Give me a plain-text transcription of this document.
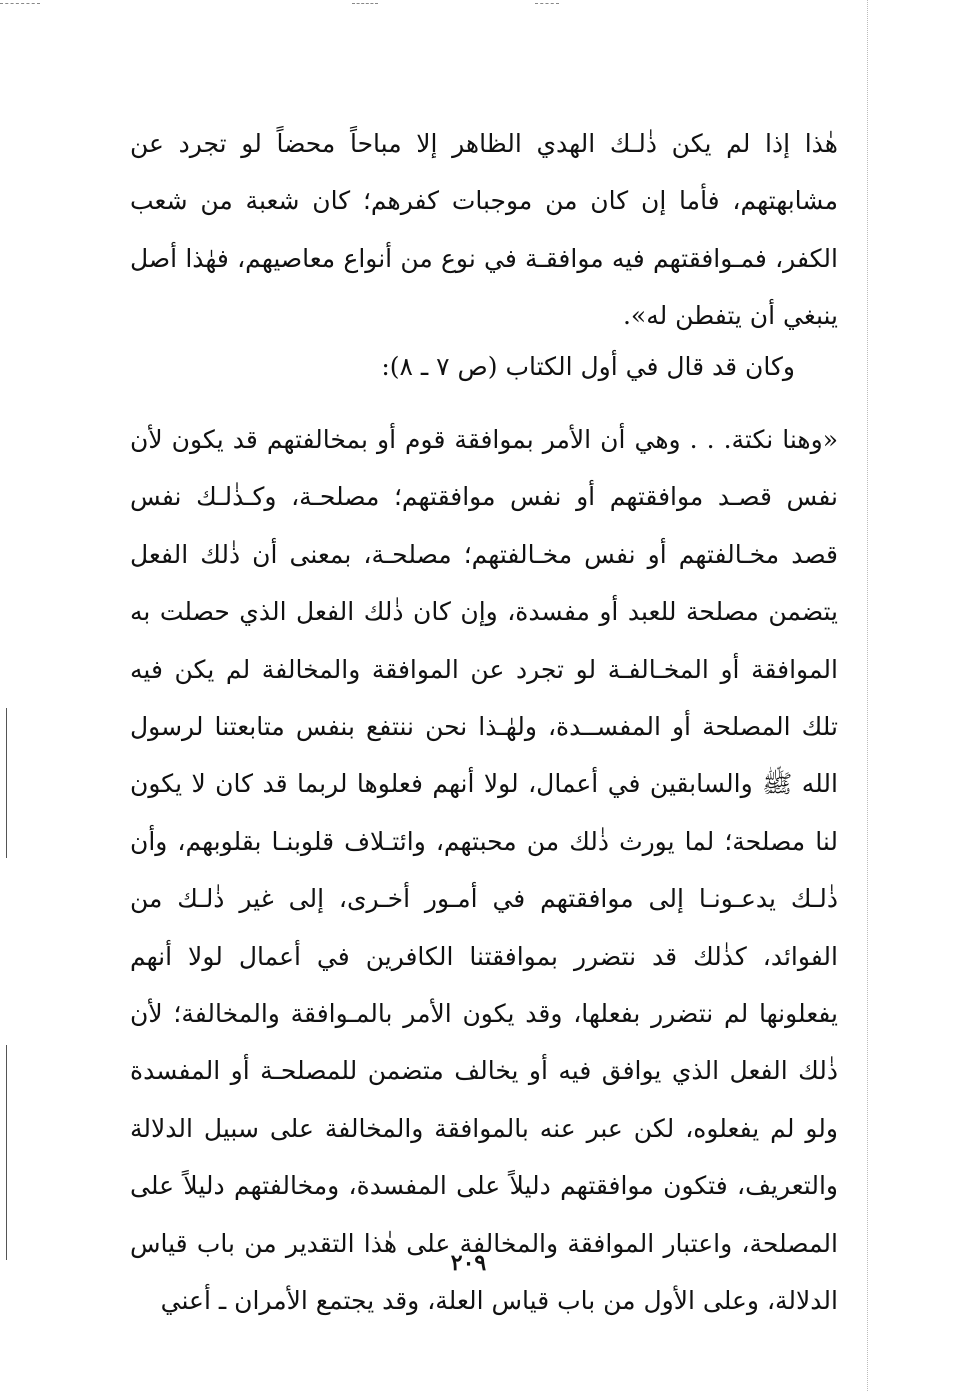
هٰذا إذا لم يكن ذٰلـك الهدي الظاهر إلا مباحاً محضاً لو تجرد عن مشابهتهم، فأما إن كان من موجبات كفرهم؛ كان شعبة من شعب الكفر، فمـوافقتهم فيه موافقـة في نوع من أنواع معاصيهم، فهٰذا أصل ينبغي أن يتفطن له».

وكان قد قال في أول الكتاب (ص ٧ ـ ٨):

«وهنا نكتة. . . وهي أن الأمر بموافقة قوم أو بمخالفتهم قد يكون لأن نفس قصـد موافقتهم أو نفس موافقتهم؛ مصلحـة، وكـذٰلـك نفس قصد مخـالفتهم أو نفس مخـالفتهم؛ مصلحـة، بمعنى أن ذٰلك الفعل يتضمن مصلحة للعبد أو مفسدة، وإن كان ذٰلك الفعل الذي حصلت به الموافقة أو المخـالفـة لو تجرد عن الموافقة والمخالفة لم يكن فيه تلك المصلحة أو المفســدة، ولهٰـذا نحن ننتفع بنفس متابعتنا لرسول الله ﷺ والسابقين في أعمال، لولا أنهم فعلوها لربما قد كان لا يكون لنا مصلحة؛ لما يورث ذٰلك من محبتهم، وائتـلاف قلوبنـا بقلوبهم، وأن ذٰلـك يدعـونـا إلى موافقتهم في أمـور أخـرى، إلى غير ذٰلـك من الفوائد، كذٰلك قد نتضرر بموافقتنا الكافرين في أعمال لولا أنهم يفعلونها لم نتضرر بفعلها، وقد يكون الأمر بالمـوافقة والمخالفة؛ لأن ذٰلك الفعل الذي يوافق فيه أو يخالف متضمن للمصلحـة أو المفسدة ولو لم يفعلوه، لكن عبر عنه بالموافقة والمخالفة على سبيل الدلالة والتعريف، فتكون موافقتهم دليلاً على المفسدة، ومخالفتهم دليلاً على المصلحة، واعتبار الموافقة والمخالفة على هٰذا التقدير من باب قياس الدلالة، وعلى الأول من باب قياس العلة، وقد يجتمع الأمران ـ أعني

٢٠٩
